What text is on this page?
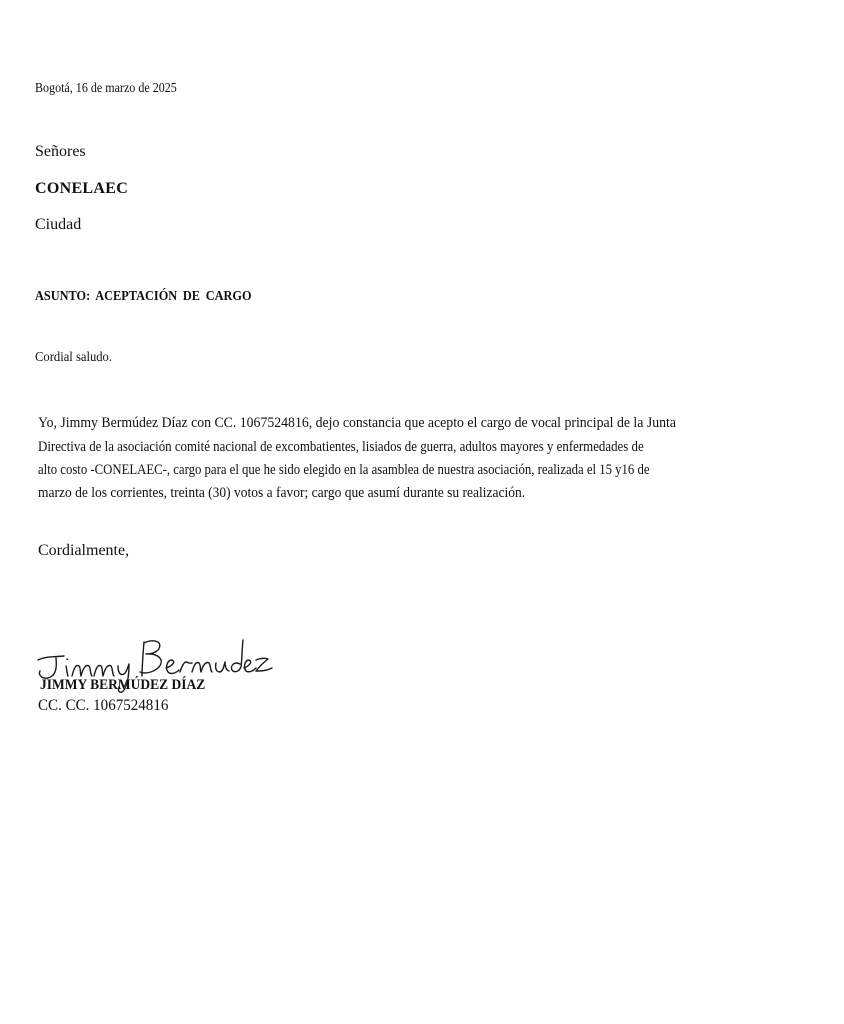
Bogotá, 16 de marzo de 2025
Señores
CONELAEC
Ciudad
ASUNTO: ACEPTACIÓN DE CARGO
Cordial saludo.
Yo, Jimmy Bermúdez Díaz con CC. 1067524816, dejo constancia que acepto el cargo de vocal principal de la Junta
Directiva de la asociación comité nacional de excombatientes, lisiados de guerra, adultos mayores y enfermedades de
alto costo -CONELAEC-, cargo para el que he sido elegido en la asamblea de nuestra asociación, realizada el 15 y16 de
marzo de los corrientes, treinta (30) votos a favor; cargo que asumí durante su realización.
Cordialmente,
JIMMY BERMÚDEZ DÍAZ
CC. CC. 1067524816
